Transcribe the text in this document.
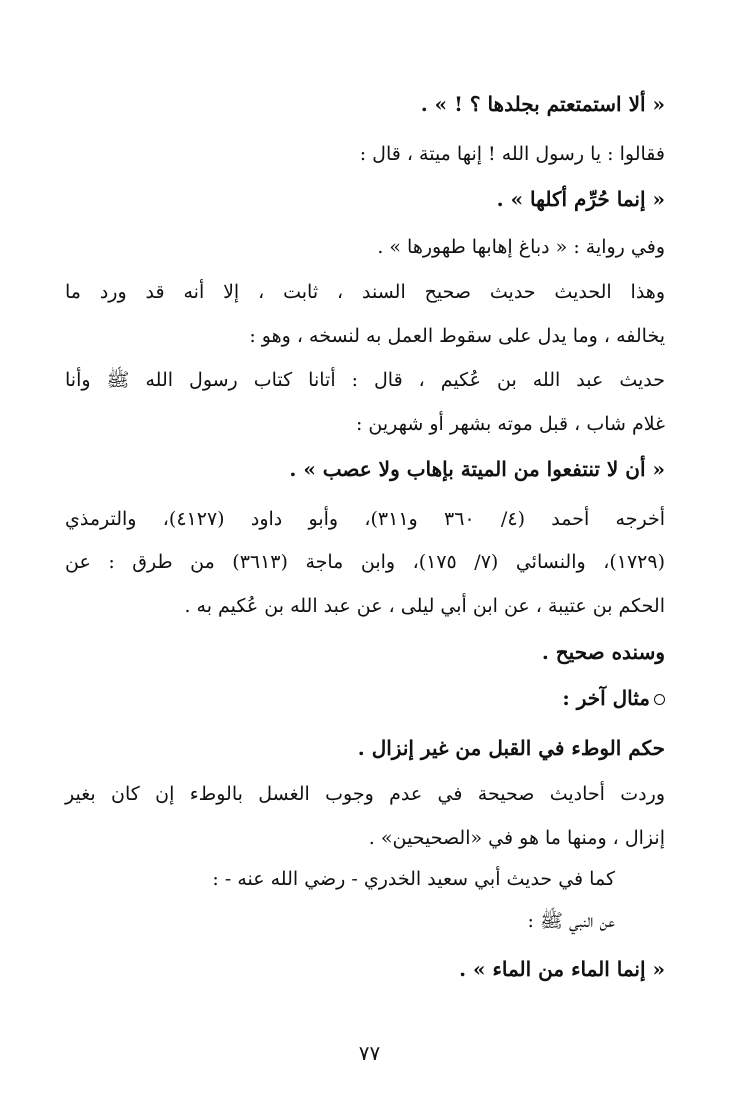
« ألا استمتعتم بجلدها ؟ ! » .
فقالوا : يا رسول الله ! إنها ميتة ، قال :
« إنما حُرِّم أكلها » .
وفي رواية : « دباغ إهابها طهورها » .
وهذا الحديث حديث صحيح السند ، ثابت ، إلا أنه قد ورد ما
يخالفه ، وما يدل على سقوط العمل به لنسخه ، وهو :
حديث عبد الله بن عُكيم ، قال : أتانا كتاب رسول الله ﷺ وأنا
غلام شاب ، قبل موته بشهر أو شهرين :
« أن لا تنتفعوا من الميتة بإهاب ولا عصب » .
أخرجه أحمد (٤/ ٣٦٠ و٣١١)، وأبو داود (٤١٢٧)، والترمذي
(١٧٢٩)، والنسائي (٧/ ١٧٥)، وابن ماجة (٣٦١٣) من طرق : عن
الحكم بن عتيبة ، عن ابن أبي ليلى ، عن عبد الله بن عُكيم به .
وسنده صحيح .
مثال آخر :
حكم الوطء في القبل من غير إنزال .
وردت أحاديث صحيحة في عدم وجوب الغسل بالوطء إن كان بغير
إنزال ، ومنها ما هو في «الصحيحين» .
كما في حديث أبي سعيد الخدري - رضي الله عنه - :
عن النبي ﷺ :
« إنما الماء من الماء » .
٧٧
